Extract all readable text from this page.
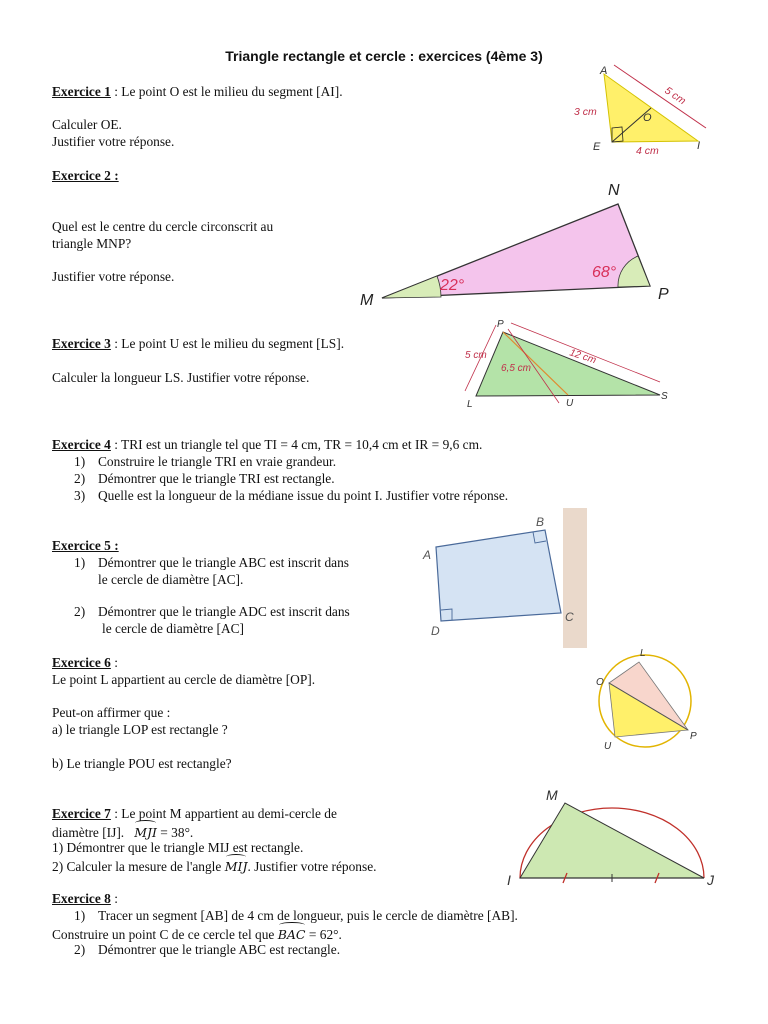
Triangle rectangle et cercle : exercices (4ème 3)
Exercice 1 : Le point O est le milieu du segment [AI].
Calculer OE.
Justifier votre réponse.
A
E	I
O
3 cm
4 cm
5 cm
Exercice 2 :
Quel est le centre du cercle circonscrit au
triangle MNP?
Justifier votre réponse.
M
N
P
22°
68°
Exercice 3 : Le point U est le milieu du segment [LS].
Calculer la longueur LS. Justifier votre réponse.
P
L
S
U
5 cm	12 cm
6,5 cm
Exercice 4 : TRI est un triangle tel que TI = 4 cm, TR = 10,4 cm et IR = 9,6 cm.
1) Construire le triangle TRI en vraie grandeur.
2) Démontrer que le triangle TRI est rectangle.
3) Quelle est la longueur de la médiane issue du point I. Justifier votre réponse.
Exercice 5 :
1) Démontrer que le triangle ABC est inscrit dans
le cercle de diamètre [AC].
2) Démontrer que le triangle ADC est inscrit dans
le cercle de diamètre [AC]
A
B
C
D
Exercice 6 :
Le point L appartient au cercle de diamètre [OP].
Peut-on affirmer que :
a) le triangle LOP est rectangle ?
b) Le triangle POU est rectangle?
O
L
P
U
Exercice 7 : Le point M appartient au demi-cercle de
diamètre [IJ]. MJI = 38°.
1) Démontrer que le triangle MIJ est rectangle.
2) Calculer la mesure de l'angle MIJ. Justifier votre réponse.
M
I	J
Exercice 8 :
1) Tracer un segment [AB] de 4 cm de longueur, puis le cercle de diamètre [AB].
Construire un point C de ce cercle tel que BAC = 62°.
2) Démontrer que le triangle ABC est rectangle.
